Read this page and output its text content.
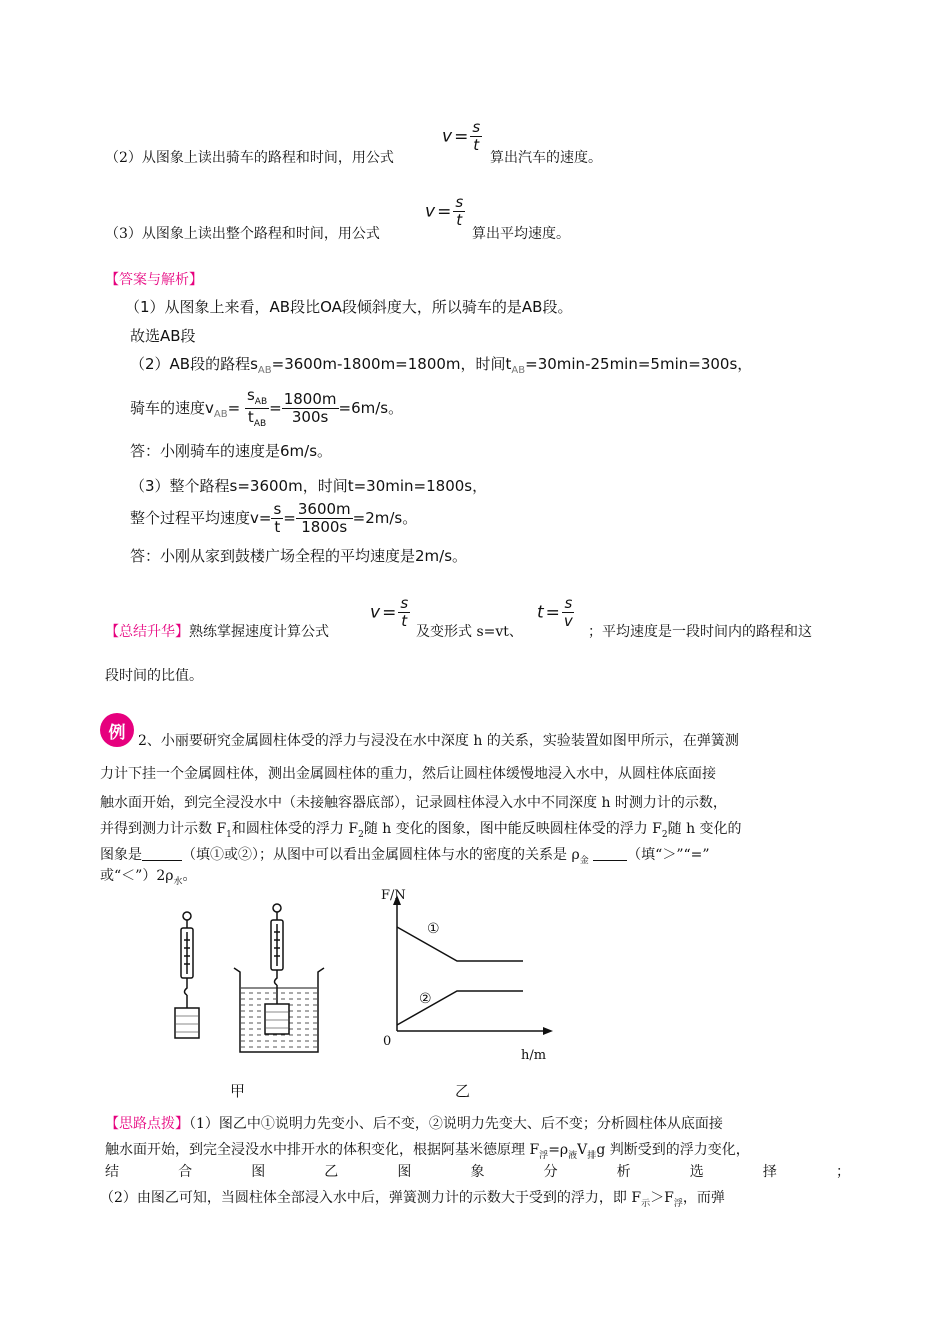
$v = \frac{s}{t}$
（2）从图象上读出骑车的路程和时间，用公式	算出汽车的速度。
$v = \frac{s}{t}$
（3）从图象上读出整个路程和时间，用公式	算出平均速度。
【答案与解析】
（1）从图象上来看，AB段比OA段倾斜度大，所以骑车的是AB段。
故选AB段
（2）AB段的路程$s_{AB}=3600m-1800m=1800m$，时间$t_{AB}=30\min-25\min=5\min=300s$，
骑车的速度$v_{AB}= \frac{s_{AB}}{t_{AB}} = \frac{1800m}{300s} =6m/s$。
答：小刚骑车的速度是6m/s。
（3）整个路程s=3600m，时间t=30min=1800s，
整个过程平均速度$v= \frac{s}{t} = \frac{3600m}{1800s} =2m/s$。
答：小刚从家到鼓楼广场全程的平均速度是2m/s。
$v = \frac{s}{t}$	$t = \frac{s}{v}$
【总结升华】熟练掌握速度计算公式	及变形式 s=vt、	；平均速度是一段时间内的路程和这
段时间的比值。
例 2、小丽要研究金属圆柱体受的浮力与浸没在水中深度 h 的关系，实验装置如图甲所示，在弹簧测
力计下挂一个金属圆柱体，测出金属圆柱体的重力，然后让圆柱体缓慢地浸入水中，从圆柱体底面接
触水面开始，到完全浸没水中（未接触容器底部），记录圆柱体浸入水中不同深度 h 时测力计的示数，
并得到测力计示数 $F_1$和圆柱体受的浮力 $F_2$随 h 变化的图象，图中能反映圆柱体受的浮力 $F_2$随 h 变化的
图象是	（填①或②）；从图中可以看出金属圆柱体与水的密度的关系是 $\rho_金$	（填“＞”“=”
或“$<”)2\rho_水$。
F/N
h/m
0
①
②
甲	乙
【思路点拨】（1）图乙中①说明力先变小、后不变，②说明力先变大、后不变；分析圆柱体从底面接
触水面开始，到完全浸没水中排开水的体积变化，根据阿基米德原理 $F_浮=\rho_液V_排g$ 判断受到的浮力变化，
结	合	图	乙	图	象	分	析	选	择	；
（2）由图乙可知，当圆柱体全部浸入水中后，弹簧测力计的示数大于受到的浮力，即 $F_示>F_浮$，而弹
